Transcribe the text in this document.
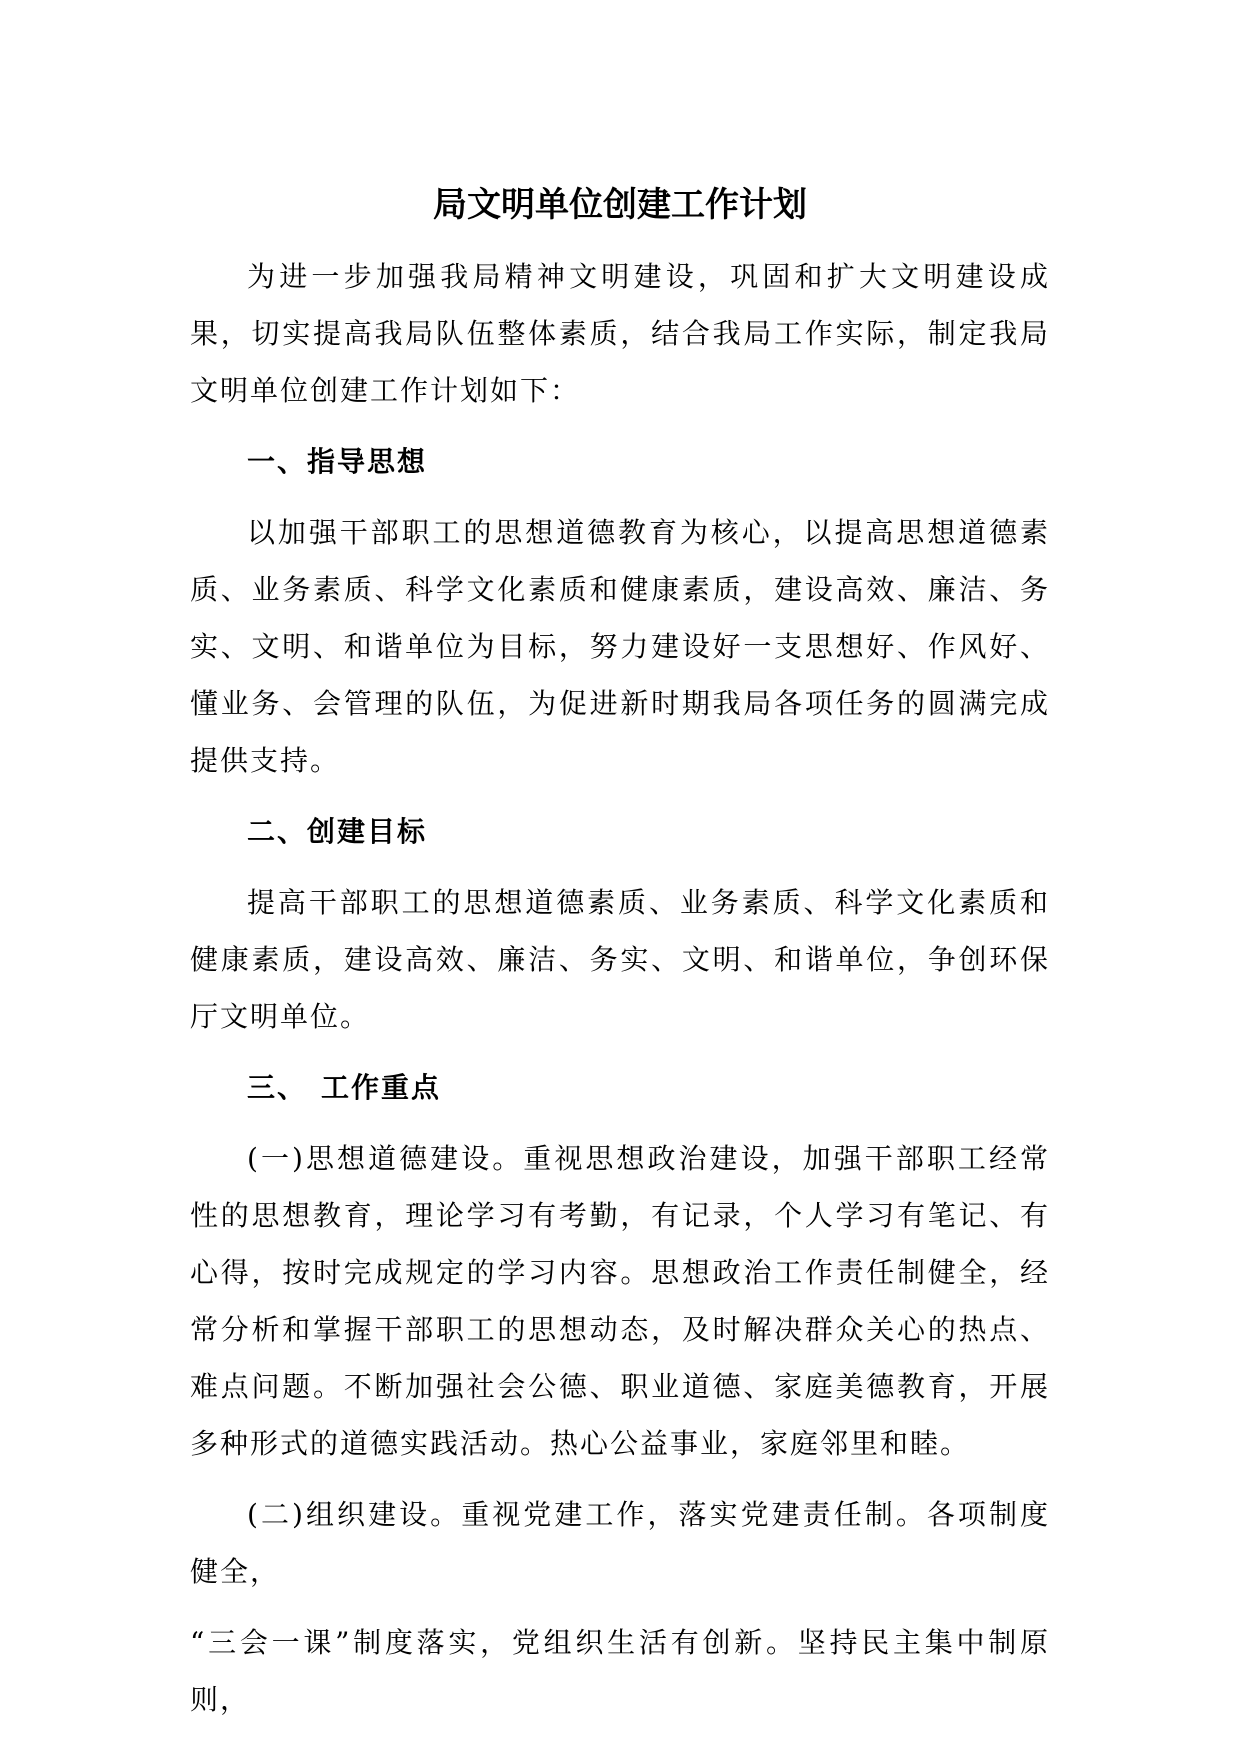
局文明单位创建工作计划

为进一步加强我局精神文明建设，巩固和扩大文明建设成果，切实提高我局队伍整体素质，结合我局工作实际，制定我局文明单位创建工作计划如下：

一、指导思想

以加强干部职工的思想道德教育为核心，以提高思想道德素质、业务素质、科学文化素质和健康素质，建设高效、廉洁、务实、文明、和谐单位为目标，努力建设好一支思想好、作风好、懂业务、会管理的队伍，为促进新时期我局各项任务的圆满完成提供支持。

二、创建目标

提高干部职工的思想道德素质、业务素质、科学文化素质和健康素质，建设高效、廉洁、务实、文明、和谐单位，争创环保厅文明单位。

三、 工作重点

(一)思想道德建设。重视思想政治建设，加强干部职工经常性的思想教育，理论学习有考勤，有记录，个人学习有笔记、有心得，按时完成规定的学习内容。思想政治工作责任制健全，经常分析和掌握干部职工的思想动态，及时解决群众关心的热点、难点问题。不断加强社会公德、职业道德、家庭美德教育，开展多种形式的道德实践活动。热心公益事业，家庭邻里和睦。

(二)组织建设。重视党建工作，落实党建责任制。各项制度健全，

“三会一课”制度落实，党组织生活有创新。坚持民主集中制原则，
